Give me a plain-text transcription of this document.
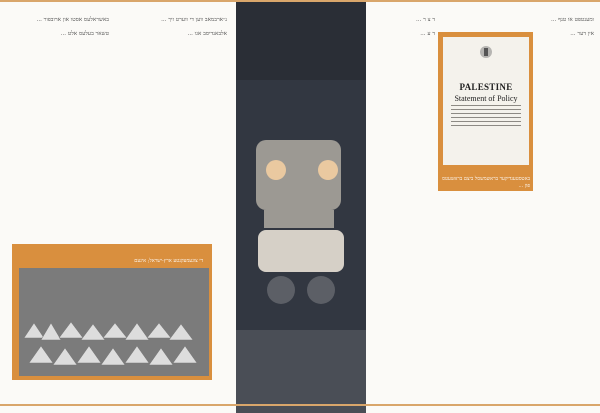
באשראלעס אסטו און ארובפור ...

טשאר בעלעס אלט ...

נ״ארבמאב ווען די ווערט זיך ...

אלבאנדיסב אגו ...

די צוגעמעקנטע ארץ-ישראל; אינעם

ד צ ר ...

ד ע ...

ומענטפט או טנף ...

אין דער ...

PALESTINE
Statement of Policy
באטסטענדיקער בראשמשסל ביצם בראשעטס פון ...
